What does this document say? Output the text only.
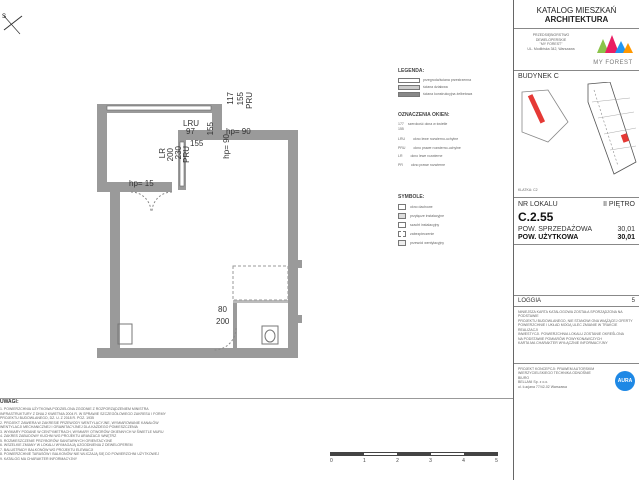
S
LRU
97 155
117 155 PRU
hp= 90
hp= 90
LR 200 230 PRU
155
hp= 15
80
200
LEGENDA:
przegroda/ściana przestrzenna
ściana działowa
ściana konstrukcyjna żelbetowa
OZNACZENIA OKIEN:
177
155
szerokość okna w świetle
LRU okno lewe rozwierno-uchylne
PRU okno prawe rozwierno-uchylne
LR okno lewe rozwierne
PR okno prawe rozwierne
SYMBOLE:
okno dachowe
przyłącze instalacyjne
szacht instalacyjny
zabezpieczenie
przewód wentylacyjny
UWAGI:
1. POWIERZCHNIA UŻYTKOWA PODZIELONA ZGODNIE Z ROZPORZĄDZENIEM MINISTRA
INFRASTRUKTURY Z DNIA 2 KWIETNIA 2004 R. W SPRAWIE SZCZEGÓŁOWEGO ZAKRESU I FORMY
PROJEKTU BUDOWLANEGO, DZ. U. Z 2018 R. POZ. 1935
2. PROJEKT ZAWIERA W ZAKRESIE PRZEWODY WENTYLACYJNE, WYMIAROWANIE KANAŁÓW
WENTYLACJI MECHANICZNEJ I GRAWITACYJNEJ DLA KAŻDEGO POMIESZCZENIA
3. WYMIARY PODANE W CENTYMETRACH, WYMIARY OTWORÓW OKIENNYCH W ŚWIETLE MURU
4. ZAKRES ZABUDOWY KUCHNI WG PROJEKTU ARANŻACJI WNĘTRZ
5. ROZMIESZCZENIE PRZYBORÓW SANITARNYCH ORIENTACYJNE
6. WSZELKIE ZMIANY W LOKALU WYMAGAJĄ UZGODNIENIA Z DEWELOPEREM
7. BALUSTRADY BALKONÓW WG PROJEKTU ELEWACJI
8. POWIERZCHNIE TARASÓW I BALKONÓW NIE WLICZAJĄ SIĘ DO POWIERZCHNI UŻYTKOWEJ
9. KATALOG MA CHARAKTER INFORMACYJNY	0	1	2	3	4	5
KATALOG MIESZKAŃ
ARCHITEKTURA
PRZEDSIĘBIORSTWO
DEWELOPERSKIE
"MY FOREST"
UL. Modlińska 342, Warszawa
MY FOREST
BUDYNEK C
KLATKA: C2
NR LOKALU	II PIĘTRO
C.2.55
POW. SPRZEDAŻOWA	30,01
POW. UŻYTKOWA	30,01
LOGGIA	5
NINIEJSZA KARTA KATALOGOWA ZOSTAŁA SPORZĄDZONA NA PODSTAWIE
PROJEKTU BUDOWLANEGO, NIE STANOWI ONA WIĄŻĄCEJ OFERTY
POWIERZCHNIE I UKŁAD MOGĄ ULEC ZMIANIE W TRAKCIE REALIZACJI
INWESTYCJI. POWIERZCHNIA LOKALU ZOSTANIE OKREŚLONA
NA PODSTAWIE POMIARÓW POWYKONAWCZYCH
KARTA MA CHARAKTER WYŁĄCZNIE INFORMACYJNY
PROJEKT KONCEPCJI: PRAWEM AUTORSKIM
WIERZYCIELSKIEGO TECHNIKA ODNOŚNIE
BIURO
BELLANI Sp. z o.o.
ul. Łucjana 77/42-02 Warszawa
AURA
